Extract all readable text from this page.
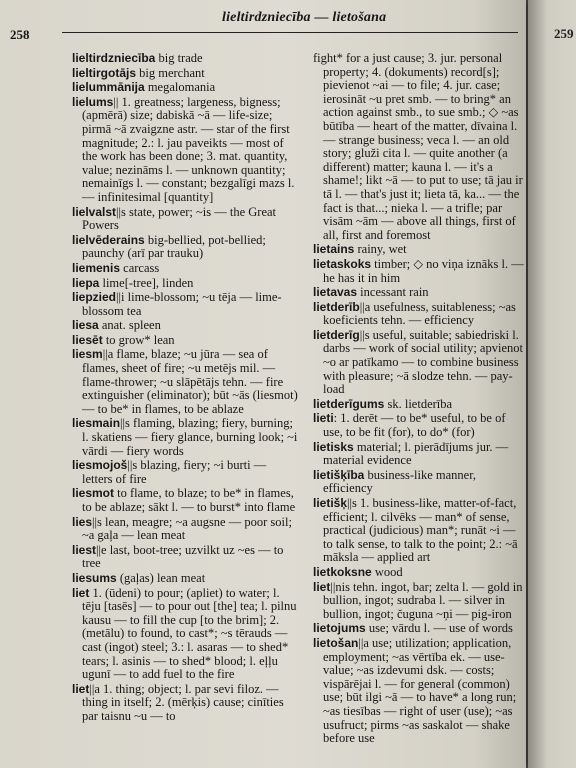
258
lieltirdzniecība — lietošana
lieltirdzniecība big trade
lieltirgotājs big merchant
lielummānija megalomania
lielums|| 1. greatness; largeness, bigness; (apmērā) size; dabiskā ~ā — life-size; pirmā ~ā zvaigzne astr. — star of the first magnitude; 2.: l. jau paveikts — most of the work has been done; 3. mat. quantity, value; nezināms l. — unknown quantity; nemainīgs l. — constant; bezgalīgi mazs l. — infinitesimal [quantity]
lielvalst||s state, power; ~is — the Great Powers
lielvēderains big-bellied, pot-bellied; paunchy (arī par trauku)
liemenis carcass
liepa lime[-tree], linden
liepzied||i lime-blossom; ~u tēja — lime-blossom tea
liesa anat. spleen
liesēt to grow* lean
liesm||a flame, blaze; ~u jūra — sea of flames, sheet of fire; ~u metējs mil. — flame-thrower; ~u slāpētājs tehn. — fire extinguisher (eliminator); būt ~ās (liesmot) — to be* in flames, to be ablaze
liesmain||s flaming, blazing; fiery, burning; l. skatiens — fiery glance, burning look; ~i vārdi — fiery words
liesmojoš||s blazing, fiery; ~i burti — letters of fire
liesmot to flame, to blaze; to be* in flames, to be ablaze; sākt l. — to burst* into flame
lies||s lean, meagre; ~a augsne — poor soil; ~a gaļa — lean meat
liest||e last, boot-tree; uzvilkt uz ~es — to tree
liesums (gaļas) lean meat
liet 1. (ūdeni) to pour; (apliet) to water; l. tēju [tasēs] — to pour out [the] tea; l. pilnu kausu — to fill the cup [to the brim]; 2. (metālu) to found, to cast*; ~s tērauds — cast (ingot) steel; 3.: l. asaras — to shed* tears; l. asinis — to shed* blood; l. eļļu ugunī — to add fuel to the fire
liet||a 1. thing; object; l. par sevi filoz. — thing in itself; 2. (mērķis) cause; cinīties par taisnu ~u — to
fight* for a just cause; 3. jur. personal property; 4. (dokuments) record[s]; pievienot ~ai — to file; 4. jur. case; ierosināt ~u pret smb. — to bring* an action against smb., to sue smb.; ◇ ~as būtība — heart of the matter, dīvaina l. — strange business; veca l. — an old story; gluži cita l. — quite another (a different) matter; kauna l. — it's a shame!; likt ~ā — to put to use; tā jau ir tā l. — that's just it; lieta tā, ka... — the fact is that...; nieka l. — a trifle; par visām ~ām — above all things, first of all, first and foremost
lietains rainy, wet
lietaskoks timber; ◇ no viņa iznāks l. — he has it in him
lietavas incessant rain
lietderīb||a usefulness, suitableness; ~as koeficients tehn. — efficiency
lietderīg||s useful, suitable; sabiedriski l. darbs — work of social utility; apvienot ~o ar patīkamo — to combine business with pleasure; ~ā slodze tehn. — pay-load
lietderīgums sk. lietderība
lieti: 1. derēt — to be* useful, to be of use, to be fit (for), to do* (for)
lietisks material; l. pierādījums jur. — material evidence
lietišķība business-like manner, efficiency
lietišķ||s 1. business-like, matter-of-fact, efficient; l. cilvēks — man* of sense, practical (judicious) man*; runāt ~i — to talk sense, to talk to the point; 2.: ~ā māksla — applied art
lietkoksne wood
liet||nis tehn. ingot, bar; zelta l. — gold in bullion, ingot; sudraba l. — silver in bullion, ingot; čuguna ~ņi — pig-iron
lietojums use; vārdu l. — use of words
lietošan||a use; utilization; application, employment; ~as vērtība ek. — use-value; ~as izdevumi dsk. — costs; vispārējai l. — for general (common) use; būt ilgi ~ā — to have* a long run; ~as tiesības — right of user (use); ~as usufruct; pirms ~as saskalot — shake before use
259
